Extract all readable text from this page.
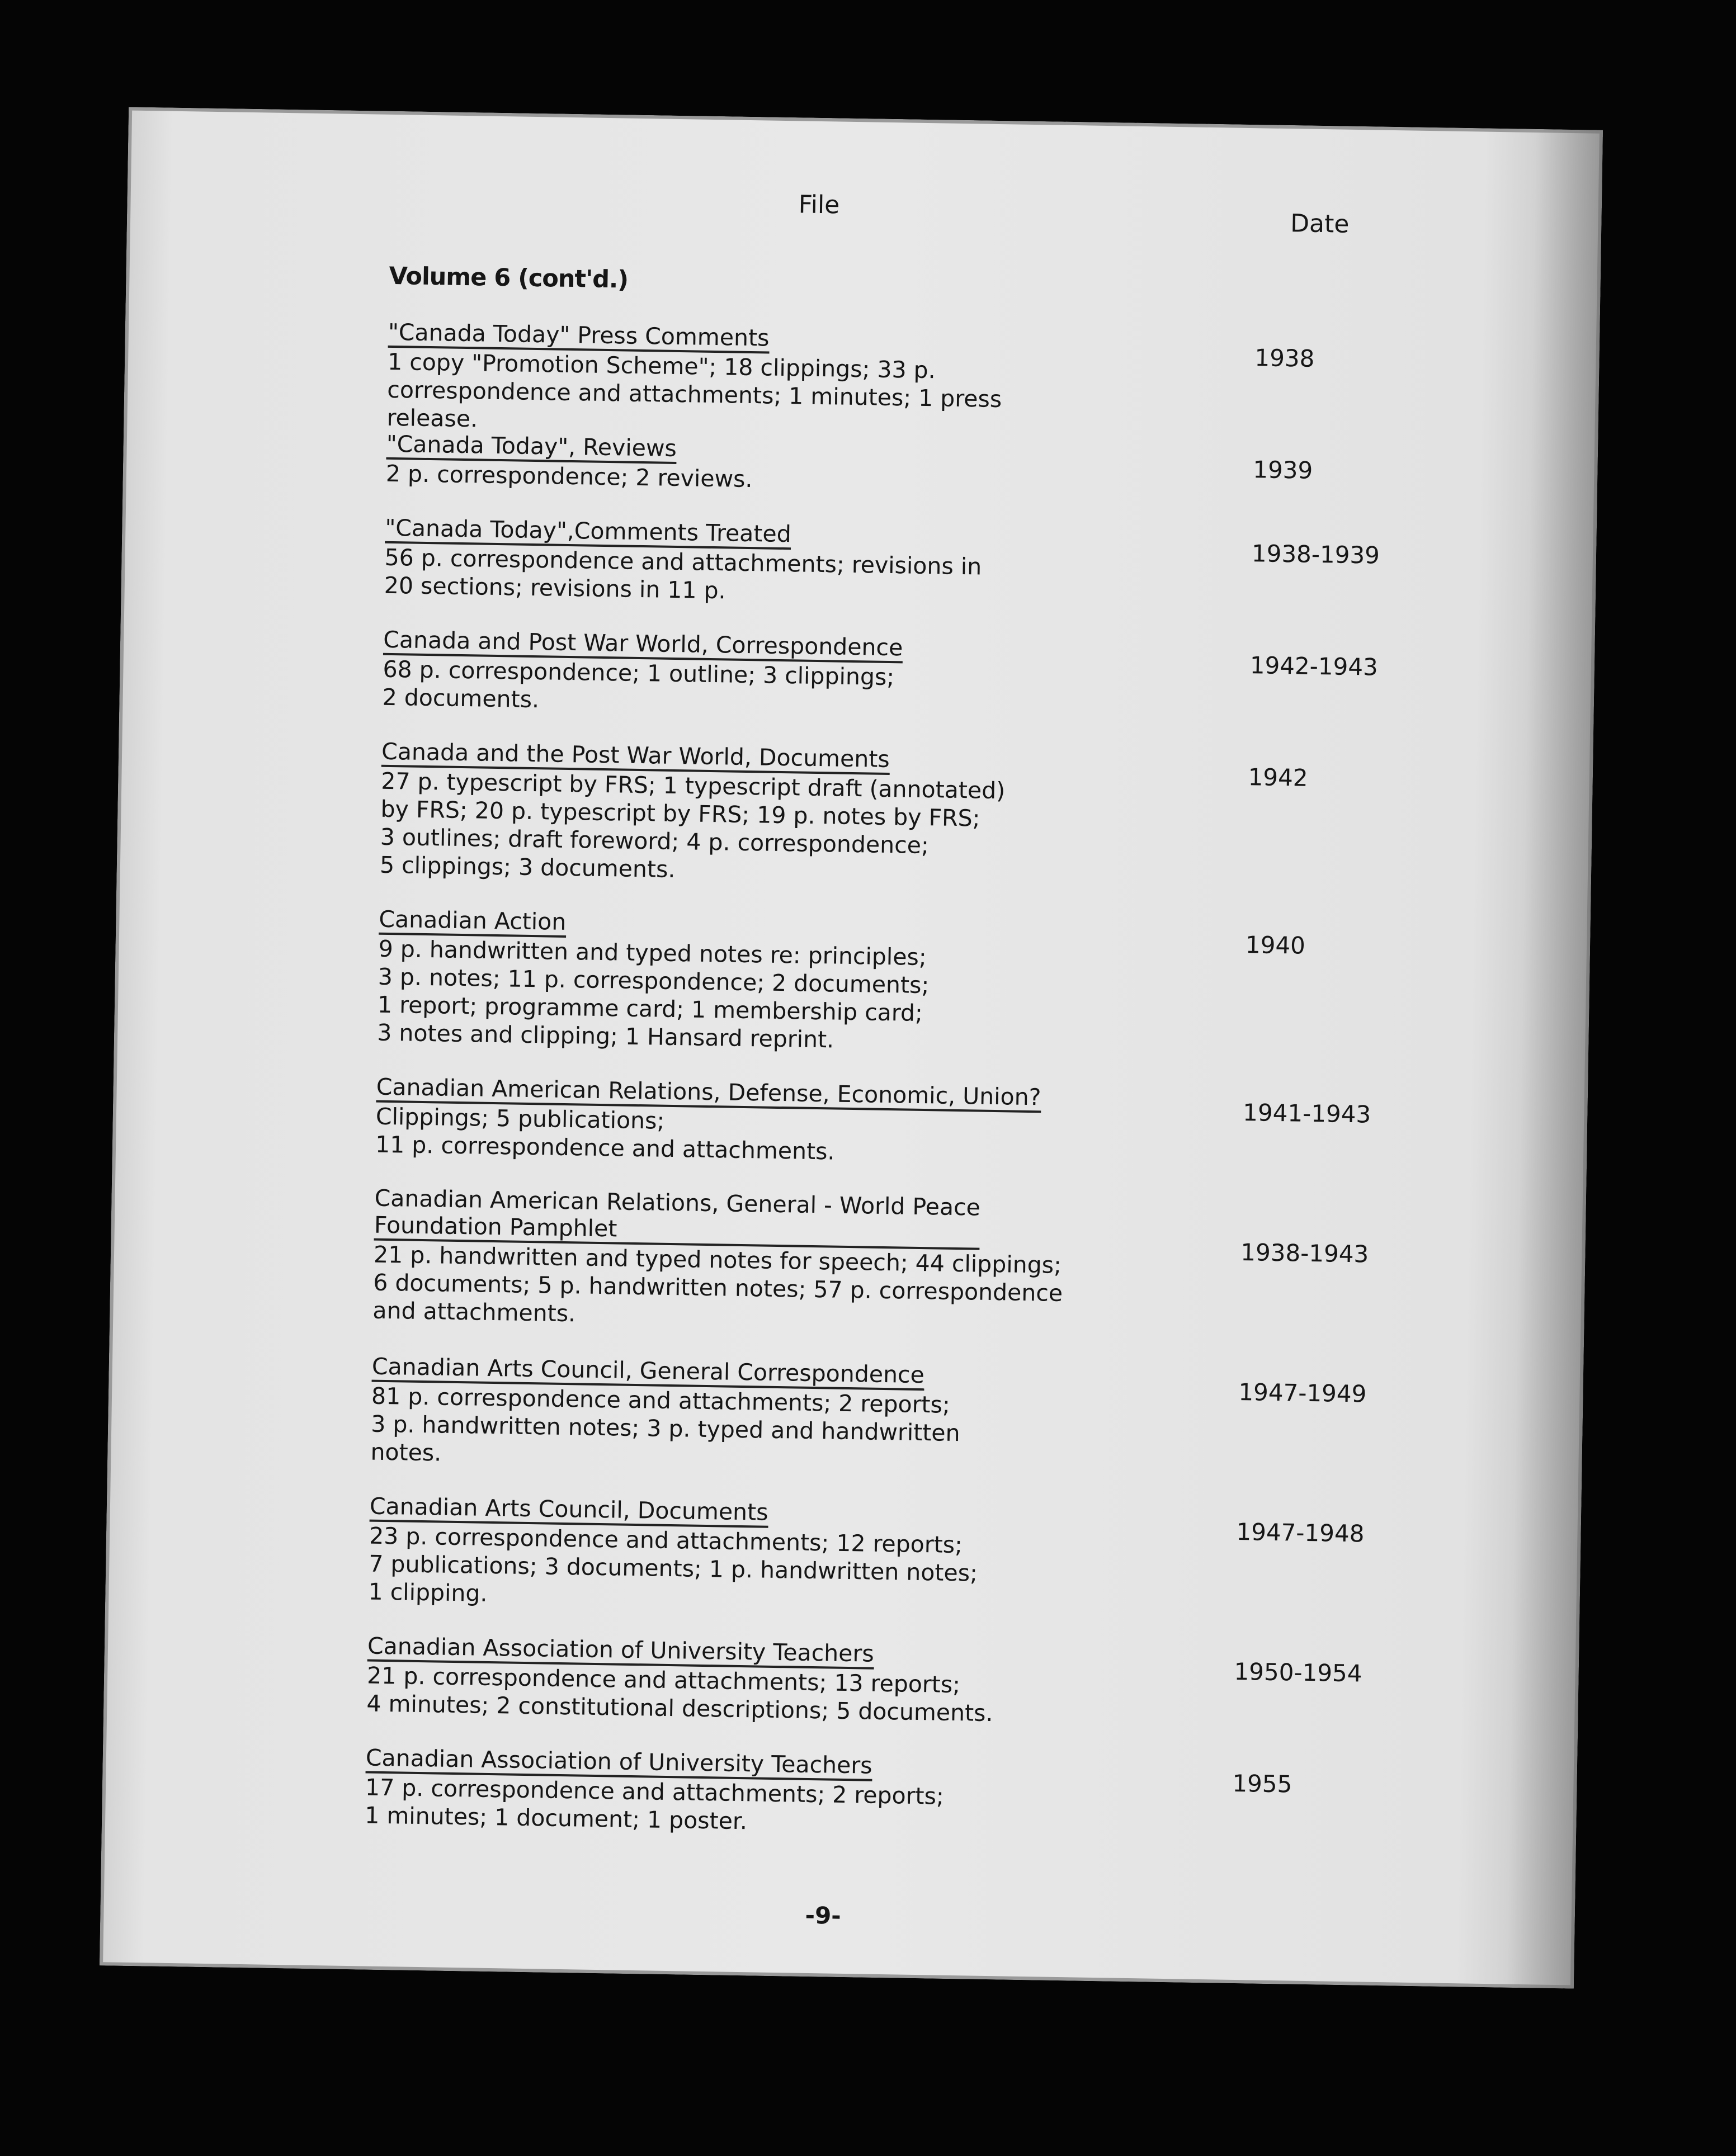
File
Date
Volume 6 (cont'd.)
"Canada Today" Press Comments
1 copy "Promotion Scheme"; 18 clippings; 33 p.
correspondence and attachments; 1 minutes; 1 press
release.
1938
"Canada Today", Reviews
2 p. correspondence; 2 reviews.	1939
"Canada Today",Comments Treated
56 p. correspondence and attachments; revisions in
20 sections; revisions in 11 p.
1938-1939
Canada and Post War World, Correspondence
68 p. correspondence; 1 outline; 3 clippings;
2 documents.
1942-1943
Canada and the Post War World, Documents
27 p. typescript by FRS; 1 typescript draft (annotated)
by FRS; 20 p. typescript by FRS; 19 p. notes by FRS;
3 outlines; draft foreword; 4 p. correspondence;
5 clippings; 3 documents.
1942
Canadian Action
9 p. handwritten and typed notes re: principles;
3 p. notes; 11 p. correspondence; 2 documents;
1 report; programme card; 1 membership card;
3 notes and clipping; 1 Hansard reprint.
1940
Canadian American Relations, Defense, Economic, Union?
Clippings; 5 publications;
11 p. correspondence and attachments.
1941-1943
Canadian American Relations, General - World Peace
Foundation Pamphlet
21 p. handwritten and typed notes for speech; 44 clippings;
6 documents; 5 p. handwritten notes; 57 p. correspondence
and attachments.
1938-1943
Canadian Arts Council, General Correspondence
81 p. correspondence and attachments; 2 reports;
3 p. handwritten notes; 3 p. typed and handwritten
notes.
1947-1949
Canadian Arts Council, Documents
23 p. correspondence and attachments; 12 reports;
7 publications; 3 documents; 1 p. handwritten notes;
1 clipping.
1947-1948
Canadian Association of University Teachers
21 p. correspondence and attachments; 13 reports;
4 minutes; 2 constitutional descriptions; 5 documents.
1950-1954
Canadian Association of University Teachers
17 p. correspondence and attachments; 2 reports;
1 minutes; 1 document; 1 poster.
1955
-9-
